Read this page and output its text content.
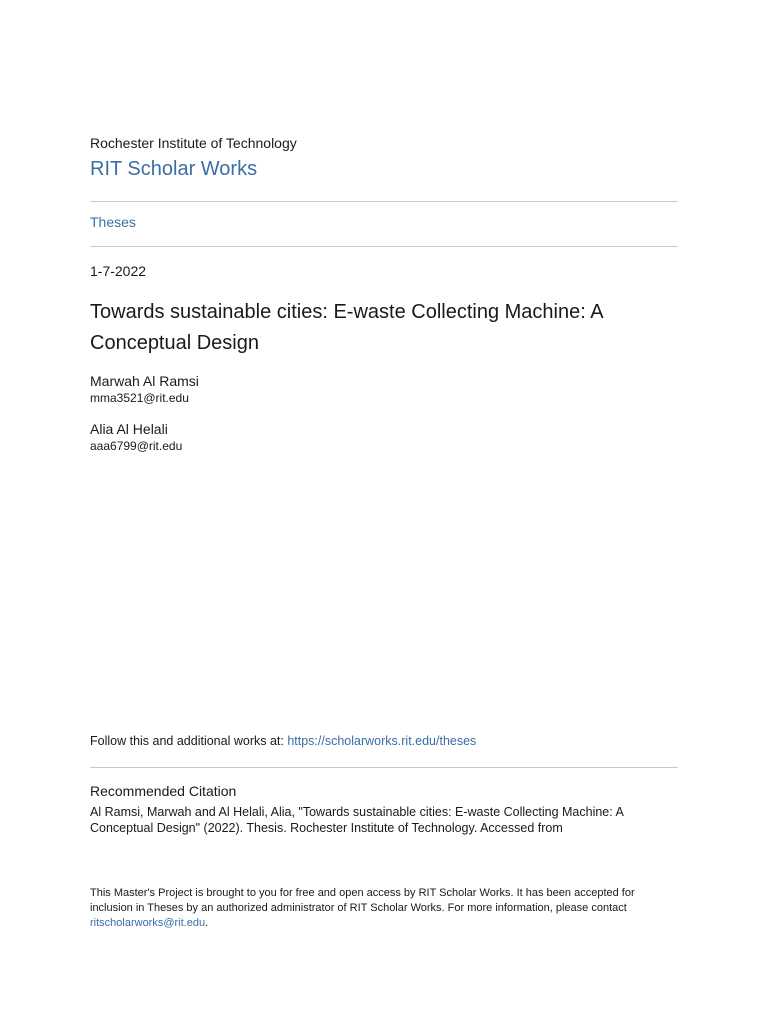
Rochester Institute of Technology
RIT Scholar Works
Theses
1-7-2022
Towards sustainable cities: E-waste Collecting Machine: A Conceptual Design
Marwah Al Ramsi
mma3521@rit.edu
Alia Al Helali
aaa6799@rit.edu
Follow this and additional works at: https://scholarworks.rit.edu/theses
Recommended Citation
Al Ramsi, Marwah and Al Helali, Alia, "Towards sustainable cities: E-waste Collecting Machine: A Conceptual Design" (2022). Thesis. Rochester Institute of Technology. Accessed from
This Master's Project is brought to you for free and open access by RIT Scholar Works. It has been accepted for inclusion in Theses by an authorized administrator of RIT Scholar Works. For more information, please contact ritscholarworks@rit.edu.
